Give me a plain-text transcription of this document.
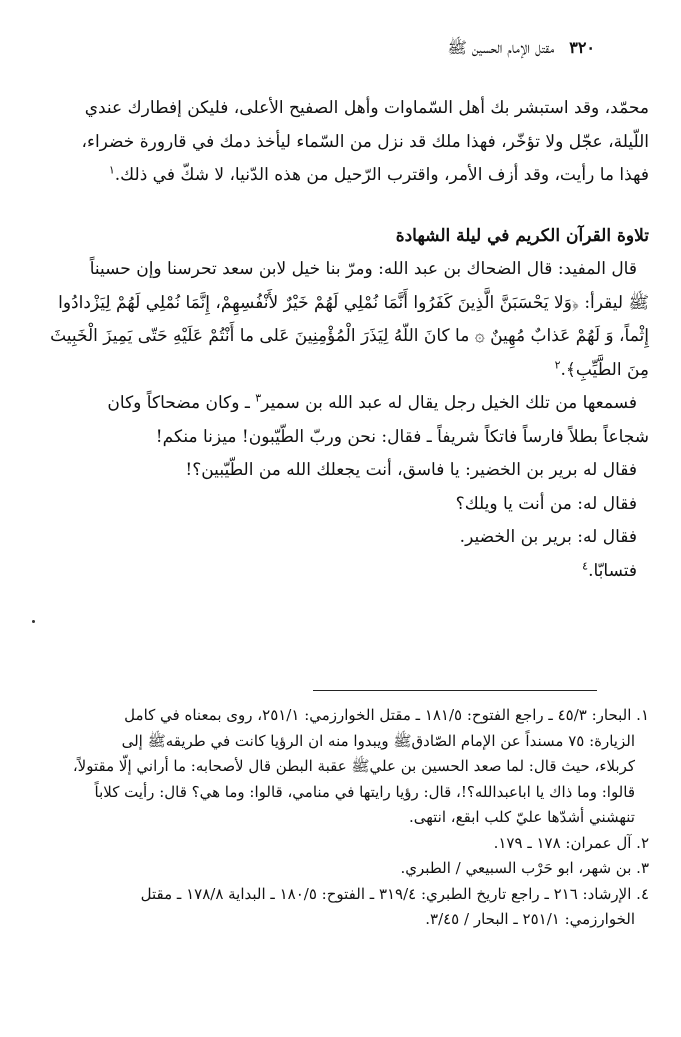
٣٢٠ مقتل الإمام الحسين ﷺ

محمّد، وقد استبشر بك أهل السّماوات وأهل الصفيح الأعلى، فليكن إفطارك عندي
اللّيلة، عجّل ولا تؤخّر، فهذا ملك قد نزل من السّماء ليأخذ دمك في قارورة خضراء،
فهذا ما رأيت، وقد أزف الأمر، واقترب الرّحيل من هذه الدّنيا، لا شكّ في ذلك.$^١$

تلاوة القرآن الكريم في ليلة الشهادة

قال المفيد: قال الضحاك بن عبد الله: ومرّ بنا خيل لابن سعد تحرسنا وإن حسيناً
ﷺ ليقرأ: ﴿وَلا يَحْسَبَنَّ الَّذِينَ كَفَرُوا أَنَّمَا نُمْلِي لَهُمْ خَيْرٌ لأَنْفُسِهِمْ، إِنَّمَا نُمْلِي لَهُمْ لِيَزْدادُوا
إِثْماً، وَ لَهُمْ عَذابٌ مُهِينٌ ۞ ما كانَ اللّهُ لِيَذَرَ الْمُؤْمِنِينَ عَلى ما أَنْتُمْ عَلَيْهِ حَتّى يَمِيزَ الْخَبِيثَ
مِنَ الطَّيِّبِ﴾.$^٢$

فسمعها من تلك الخيل رجل يقال له عبد الله بن سمير$^٣$ ـ وكان مضحاكاً وكان
شجاعاً بطلاً فارساً فاتكاً شريفاً ـ فقال: نحن وربّ الطّيّبون! ميزنا منكم!

فقال له برير بن الخضير: يا فاسق، أنت يجعلك الله من الطّيّبين؟!
فقال له: من أنت يا ويلك؟
فقال له: برير بن الخضير.
فتسابّا.$^٤$

١. البحار: ٤٥/٣ ـ راجع الفتوح: ١٨١/٥ ـ مقتل الخوارزمي: ٢٥١/١، روى بمعناه في كامل
الزيارة: ٧٥ مسنداً عن الإمام الصّادقﷺ ويبدوا منه ان الرؤيا كانت في طريقهﷺ إلى
كربلاء، حيث قال: لما صعد الحسين بن عليﷺ عقبة البطن قال لأصحابه: ما أراني إلّا مقتولاً،
قالوا: وما ذاك يا اباعبدالله؟!، قال: رؤيا رايتها في منامي، قالوا: وما هي؟ قال: رأيت كلاباً
تنهشني أشدّها عليّ كلب ابقع، انتهى.

٢. آل عمران: ١٧٨ ـ ١٧٩.

٣. بن شهر، ابو حَرْب السبيعي / الطبري.

٤. الإرشاد: ٢١٦ ـ راجع تاريخ الطبري: ٣١٩/٤ ـ الفتوح: ١٨٠/٥ ـ البداية ١٧٨/٨ ـ مقتل
الخوارزمي: ٢٥١/١ ـ البحار / ٣/٤٥.
